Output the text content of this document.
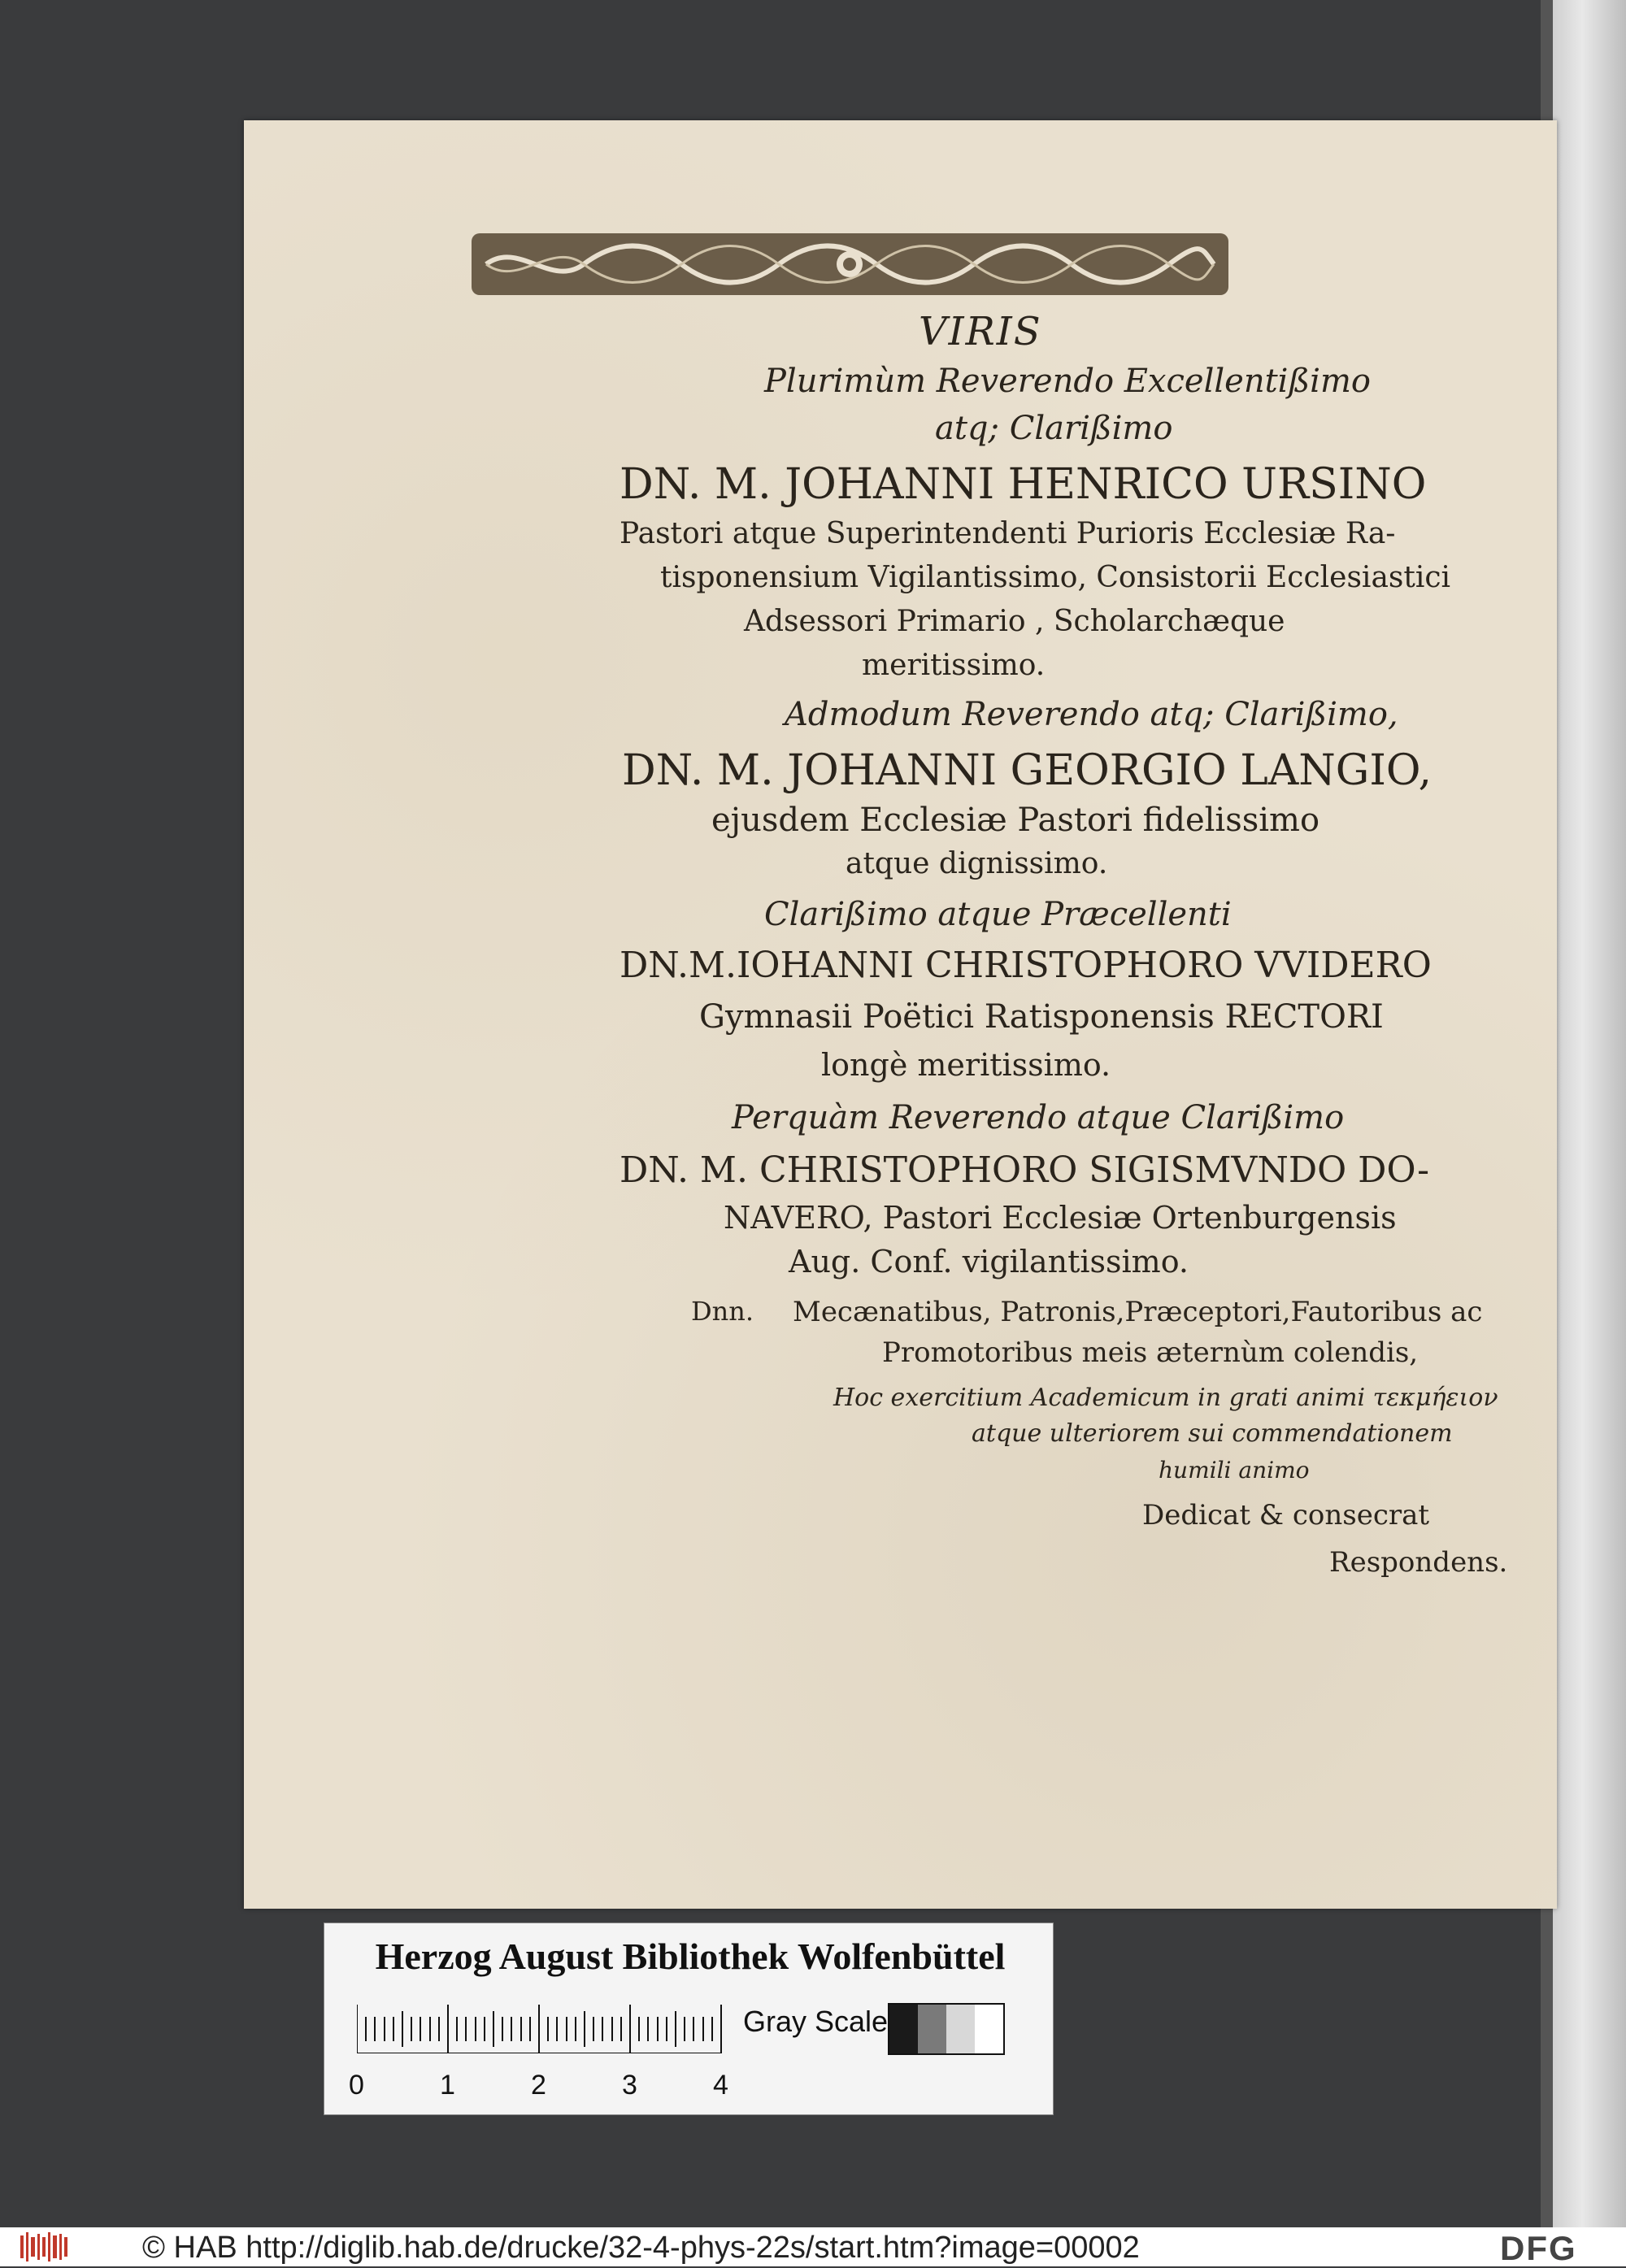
VIRIS
Plurimùm Reverendo Excellentißimo
atq; Clarißimo
DN. M. JOHANNI HENRICO URSINO
Pastori atque Superintendenti Purioris Ecclesiæ Ra-
tisponensium Vigilantissimo, Consistorii Ecclesiastici
Adsessori Primario , Scholarchæque
meritissimo.
Admodum Reverendo atq; Clarißimo,
DN. M. JOHANNI GEORGIO LANGIO,
ejusdem Ecclesiæ Pastori fidelissimo
atque dignissimo.
Clarißimo atque Præcellenti
DN.M.IOHANNI CHRISTOPHORO VVIDERO
Gymnasii Poëtici Ratisponensis RECTORI
longè meritissimo.
Perquàm Reverendo atque Clarißimo
DN. M. CHRISTOPHORO SIGISMVNDO DO-
NAVERO, Pastori Ecclesiæ Ortenburgensis
Aug. Conf. vigilantissimo.
Dnn. Mecænatibus, Patronis,Præceptori,Fautoribus ac
Promotoribus meis æternùm colendis,
Hoc exercitium Academicum in grati animi τεκμήειον
atque ulteriorem sui commendationem
humili animo
Dedicat & consecrat
Respondens.
Herzog August Bibliothek Wolfenbüttel
0	1	2	3	4
Gray Scale
© HAB http://diglib.hab.de/drucke/32-4-phys-22s/start.htm?image=00002	DFG
